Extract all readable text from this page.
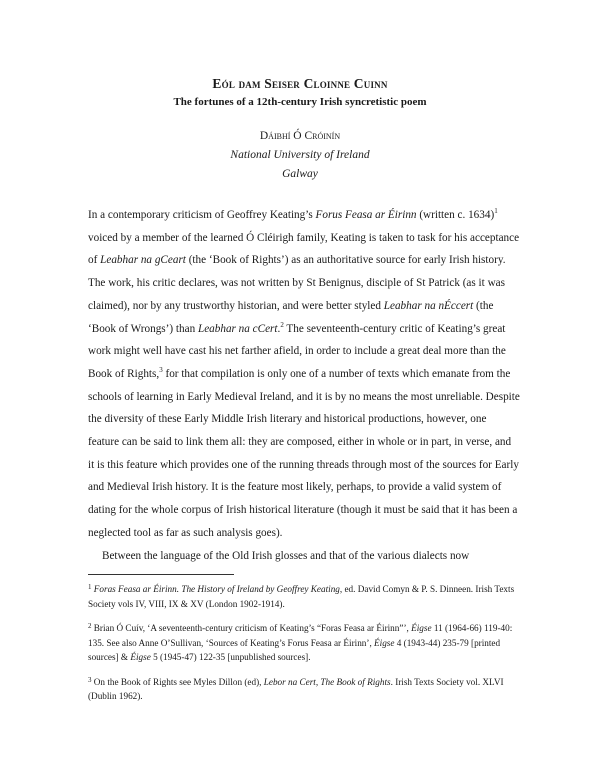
Eól dam Seiser Cloinne Cuinn
The fortunes of a 12th-century Irish syncretistic poem
Dáibhí Ó Cróinín
National University of Ireland
Galway

In a contemporary criticism of Geoffrey Keating’s Forus Feasa ar Éirinn (written c. 1634)$^1$ voiced by a member of the learned Ó Cléirigh family, Keating is taken to task for his acceptance of Leabhar na gCeart (the ‘Book of Rights’) as an authoritative source for early Irish history. The work, his critic declares, was not written by St Benignus, disciple of St Patrick (as it was claimed), nor by any trustworthy historian, and were better styled Leabhar na nÉccert (the ‘Book of Wrongs’) than Leabhar na cCert.$^2$ The seventeenth-century critic of Keating’s great work might well have cast his net farther afield, in order to include a great deal more than the Book of Rights,$^3$ for that compilation is only one of a number of texts which emanate from the schools of learning in Early Medieval Ireland, and it is by no means the most unreliable. Despite the diversity of these Early Middle Irish literary and historical productions, however, one feature can be said to link them all: they are composed, either in whole or in part, in verse, and it is this feature which provides one of the running threads through most of the sources for Early and Medieval Irish history. It is the feature most likely, perhaps, to provide a valid system of dating for the whole corpus of Irish historical literature (though it must be said that it has been a neglected tool as far as such analysis goes).

Between the language of the Old Irish glosses and that of the various dialects now

$^1$ Foras Feasa ar Éirinn. The History of Ireland by Geoffrey Keating, ed. David Comyn & P. S. Dinneen. Irish Texts Society vols IV, VIII, IX & XV (London 1902-1914).

$^2$ Brian Ó Cuív, ‘A seventeenth-century criticism of Keating’s “Foras Feasa ar Éirinn”’, Éigse 11 (1964-66) 119-40: 135. See also Anne O’Sullivan, ‘Sources of Keating’s Forus Feasa ar Éirinn’, Éigse 4 (1943-44) 235-79 [printed sources] & Éigse 5 (1945-47) 122-35 [unpublished sources].

$^3$ On the Book of Rights see Myles Dillon (ed), Lebor na Cert, The Book of Rights. Irish Texts Society vol. XLVI (Dublin 1962).
